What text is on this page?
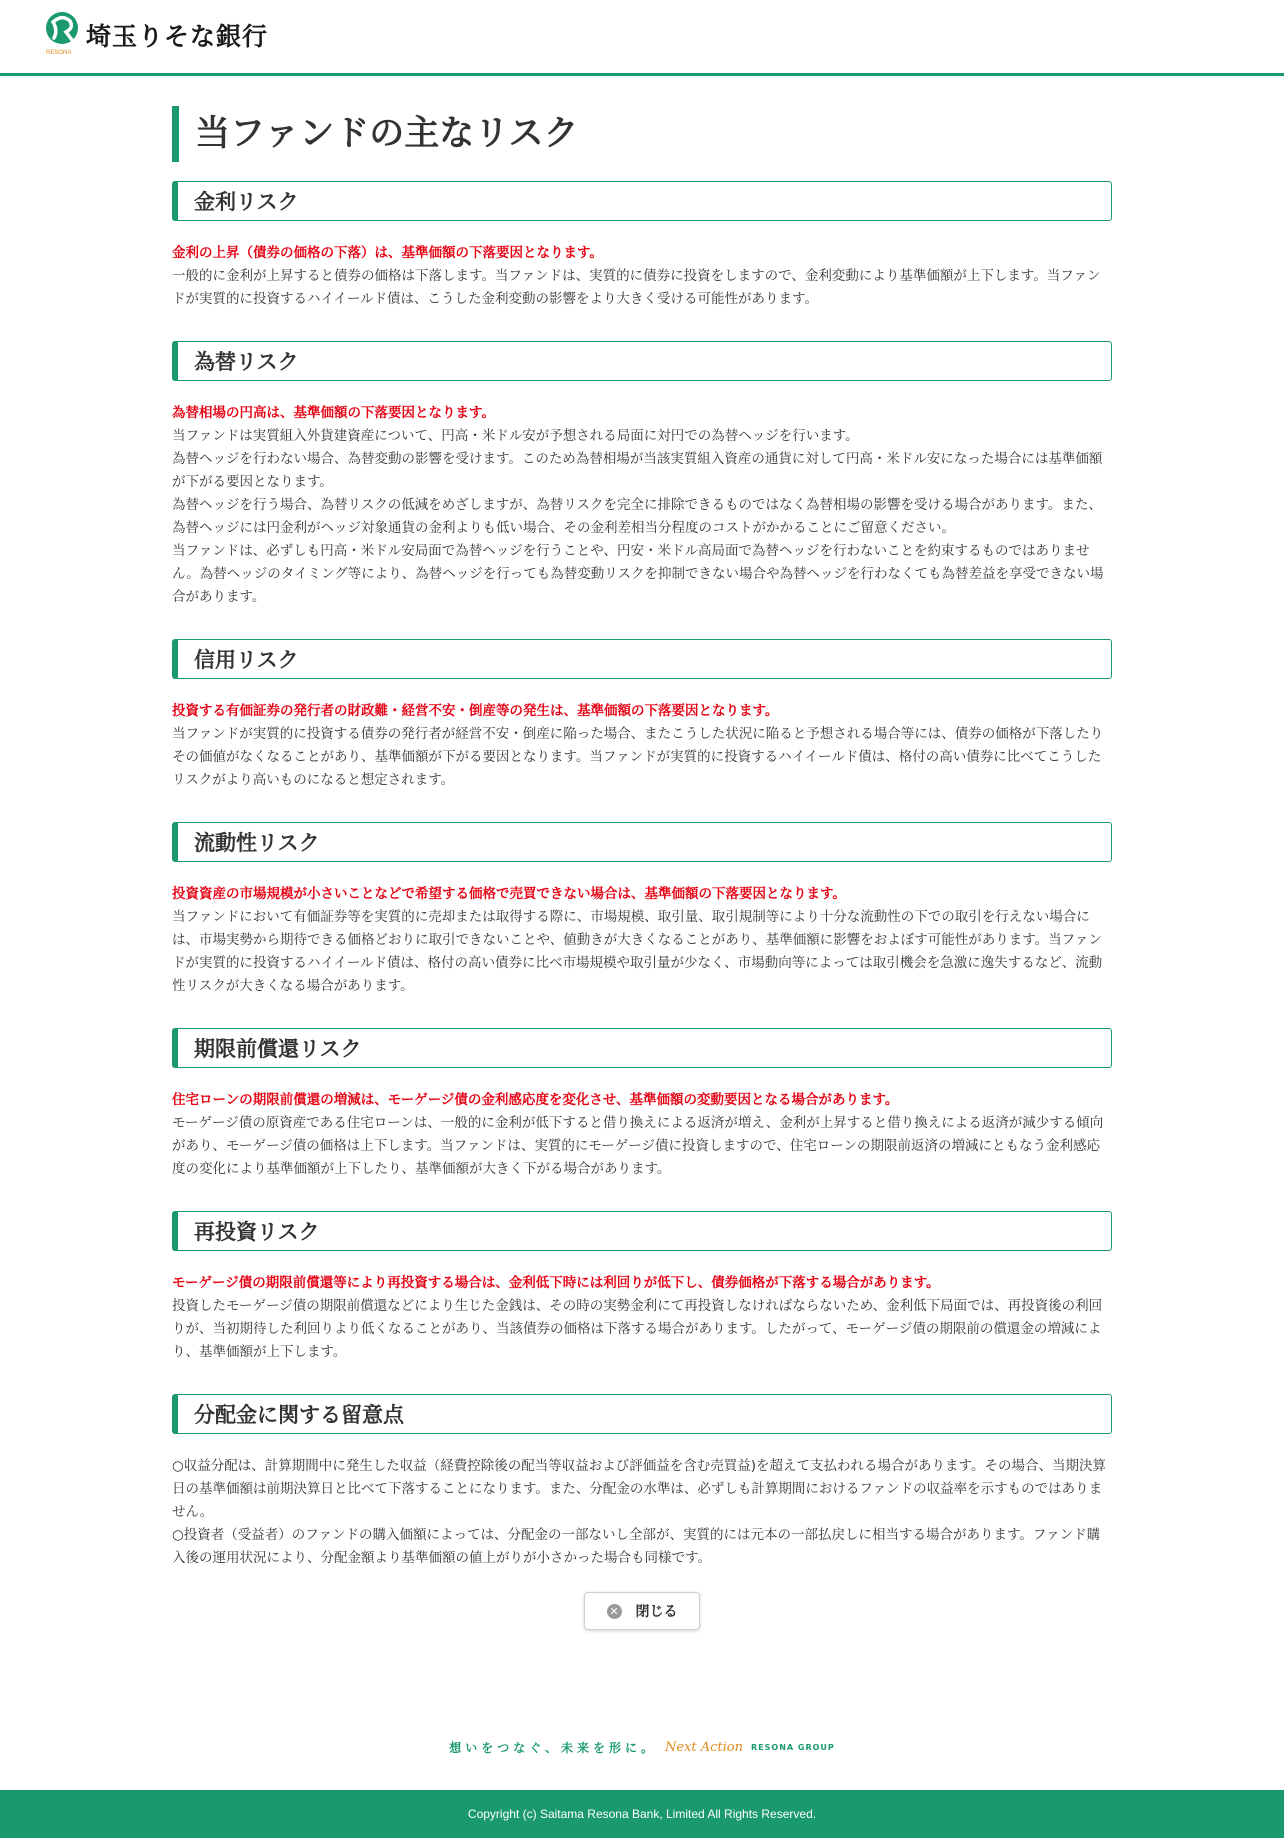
RESONA
埼玉りそな銀行
当ファンドの主なリスク
金利リスク

金利の上昇（債券の価格の下落）は、基準価額の下落要因となります。

一般的に金利が上昇すると債券の価格は下落します。当ファンドは、実質的に債券に投資をしますので、金利変動により基準価額が上下します。当ファンドが実質的に投資するハイイールド債は、こうした金利変動の影響をより大きく受ける可能性があります。

為替リスク

為替相場の円高は、基準価額の下落要因となります。

当ファンドは実質組入外貨建資産について、円高・米ドル安が予想される局面に対円での為替ヘッジを行います。

為替ヘッジを行わない場合、為替変動の影響を受けます。このため為替相場が当該実質組入資産の通貨に対して円高・米ドル安になった場合には基準価額が下がる要因となります。

為替ヘッジを行う場合、為替リスクの低減をめざしますが、為替リスクを完全に排除できるものではなく為替相場の影響を受ける場合があります。また、為替ヘッジには円金利がヘッジ対象通貨の金利よりも低い場合、その金利差相当分程度のコストがかかることにご留意ください。

当ファンドは、必ずしも円高・米ドル安局面で為替ヘッジを行うことや、円安・米ドル高局面で為替ヘッジを行わないことを約束するものではありません。為替ヘッジのタイミング等により、為替ヘッジを行っても為替変動リスクを抑制できない場合や為替ヘッジを行わなくても為替差益を享受できない場合があります。

信用リスク

投資する有価証券の発行者の財政難・経営不安・倒産等の発生は、基準価額の下落要因となります。

当ファンドが実質的に投資する債券の発行者が経営不安・倒産に陥った場合、またこうした状況に陥ると予想される場合等には、債券の価格が下落したりその価値がなくなることがあり、基準価額が下がる要因となります。当ファンドが実質的に投資するハイイールド債は、格付の高い債券に比べてこうしたリスクがより高いものになると想定されます。

流動性リスク

投資資産の市場規模が小さいことなどで希望する価格で売買できない場合は、基準価額の下落要因となります。

当ファンドにおいて有価証券等を実質的に売却または取得する際に、市場規模、取引量、取引規制等により十分な流動性の下での取引を行えない場合には、市場実勢から期待できる価格どおりに取引できないことや、値動きが大きくなることがあり、基準価額に影響をおよぼす可能性があります。当ファンドが実質的に投資するハイイールド債は、格付の高い債券に比べ市場規模や取引量が少なく、市場動向等によっては取引機会を急激に逸失するなど、流動性リスクが大きくなる場合があります。

期限前償還リスク

住宅ローンの期限前償還の増減は、モーゲージ債の金利感応度を変化させ、基準価額の変動要因となる場合があります。

モーゲージ債の原資産である住宅ローンは、一般的に金利が低下すると借り換えによる返済が増え、金利が上昇すると借り換えによる返済が減少する傾向があり、モーゲージ債の価格は上下します。当ファンドは、実質的にモーゲージ債に投資しますので、住宅ローンの期限前返済の増減にともなう金利感応度の変化により基準価額が上下したり、基準価額が大きく下がる場合があります。

再投資リスク

モーゲージ債の期限前償還等により再投資する場合は、金利低下時には利回りが低下し、債券価格が下落する場合があります。

投資したモーゲージ債の期限前償還などにより生じた金銭は、その時の実勢金利にて再投資しなければならないため、金利低下局面では、再投資後の利回りが、当初期待した利回りより低くなることがあり、当該債券の価格は下落する場合があります。したがって、モーゲージ債の期限前の償還金の増減により、基準価額が上下します。

分配金に関する留意点

○収益分配は、計算期間中に発生した収益（経費控除後の配当等収益および評価益を含む売買益)を超えて支払われる場合があります。その場合、当期決算日の基準価額は前期決算日と比べて下落することになります。また、分配金の水準は、必ずしも計算期間におけるファンドの収益率を示すものではありません。

○投資者（受益者）のファンドの購入価額によっては、分配金の一部ないし全部が、実質的には元本の一部払戻しに相当する場合があります。ファンド購入後の運用状況により、分配金額より基準価額の値上がりが小さかった場合も同様です。

✕ 閉じる
想いをつなぐ、未来を形に。 Next Action RESONA GROUP
Copyright (c) Saitama Resona Bank, Limited All Rights Reserved.
